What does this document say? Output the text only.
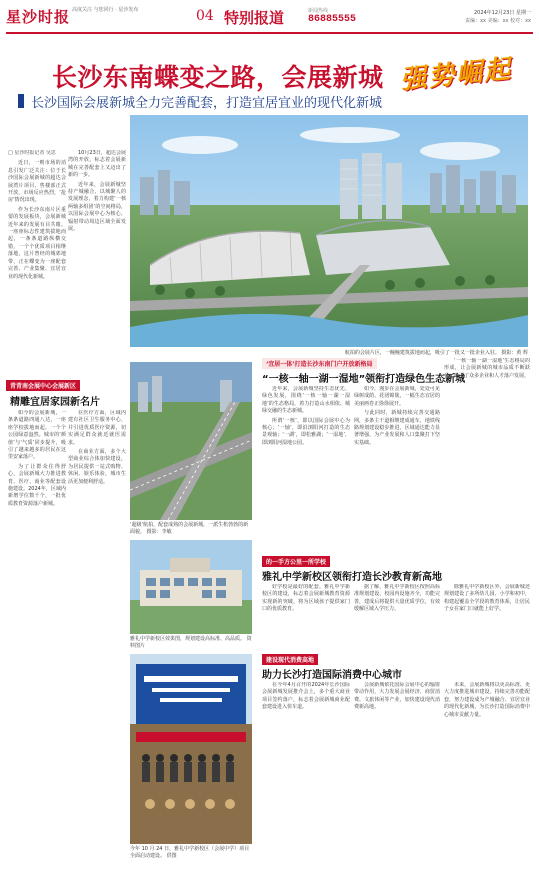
星沙时报 高度关注 与您同行 · 星沙发布	04 特别报道	新闻热线
86885555
2024年12月23日 星期一
责编：xx 美编：xx 校对：xx
长沙东南蝶变之路，会展新城 强势崛起
长沙国际会展新城全力完善配套，打造宜居宜业的现代化新城
航拍的会展片区，一幢幢建筑拔地而起，吸引了一批又一批企业入驻。 摄影：黄 辉
□ 星沙时报记者 吴思

近日，一则市场的消息引发广泛关注：位于长沙国际会展新城的超达会展湾片项目，售楼部正式开放，市场反应热烈，‘抢房’情况出现。

作为长沙东南片区重要的发展板块，会展新城近年来的发展有目共睹。一座座标志性建筑拔地而起，一条条道路纵横交错，一个个优质项目相继落地，这片曾经的城郊地带，正在蝶变为一座配套完善、产业集聚、宜居宜业的现代化新城。

10月23日，超达会展湾的开放，标志着会展新城在完善配套上又迈出了新的一步。

近年来，会展新城坚持产城融合、以城聚人的发展理念，着力构建‘一核两轴多组团’的空间格局，以国际会展中心为核心，辐射带动周边区域全面发展。

青青南会展中心会展新区
精雕宜居家园新名片

如今的会展新城，一条条道路四通八达，一座座学校拔地而起，一个个公园绿意盎然。城市的‘颜值’与‘气质’同步提升，吸引了越来越多的居民在这里安家落户。

为了让群众住得舒心，会展新城大力推进教育、医疗、商业等配套设施建设。2024年，区域内新增学位数千个，一批优质教育资源落户新城。

在医疗方面，区域内建有社区卫生服务中心，并引进优质医疗资源，切实满足群众就近就医需求。

在商业方面，多个大型商业综合体加快建设，为居民提供一站式购物、休闲、娱乐体验，城市生活更加便利舒适。

‘超级’航拍，配套成熟的会展新城，一派生机勃勃的新面貌。 摄影：李敏
雅礼中学新校区效果图，规划建设高标准、高品质。 资料图片
‘宜居一体’打造长沙东南门户开放新格局
“一核一轴一湖一湿地”领衔打造绿色生态新城

近年来，会展新城坚持生态优先、绿色发展，围绕‘一核一轴一湖一湿地’的生态格局，着力打造山水相依、城绿交融的生态新城。

所谓‘一核’，即以国际会展中心为核心；‘一轴’，即沿浏阳河打造的生态景观轴；‘一湖’，即松雅湖；‘一湿地’，即浏阳河湿地公园。

如今，漫步在会展新城，处处可见绿树成荫、花团锦簇，一幅生态宜居的美丽画卷正徐徐展开。

与此同时，新城持续完善交通路网，多条主干道相继建成通车，地铁线路规划建设稳步推进，区域通达能力显著增强，为产业发展和人口集聚打下坚实基础。

‘一核一轴一湖一湿地’生态格局的形成，让会展新城的城市品质不断跃升，吸引了众多企业和人才落户发展。

的一手方公里一所学校
雅礼中学新校区领衔打造长沙教育新高地

好学校是最好的配套。雅礼中学新校区的建设，标志着会展新城教育资源实现新的突破，将为区域孩子提供家门口的优质教育。

据了解，雅礼中学新校区按照高标准规划建设，校园内设施齐全，功能完善，建成后将提供大量优质学位，有效缓解区域入学压力。

除雅礼中学新校区外，会展新城还规划建设了多所幼儿园、小学和初中，构建起覆盖全学段的教育体系，让居民子女在家门口就能上好学。

今年 10 月 24 日，雅礼中学新校区（会展中学）项目全面启动建设。 供图
建设现代消费高地
助力长沙打造国际消费中心城市

在今年4月召开的2024年长沙国际会展新城发展推介会上，多个重大商业项目签约落户，标志着会展新城商业配套建设进入快车道。

会展新城依托国际会展中心的辐射带动作用，大力发展会展经济、商贸消费、文旅休闲等产业，加快建设现代消费新高地。

未来，会展新城将以更高标准、更大力度推进城市建设，持续完善功能配套，努力建设成为产城融合、宜居宜业的现代化新城，为长沙打造国际消费中心城市贡献力量。
